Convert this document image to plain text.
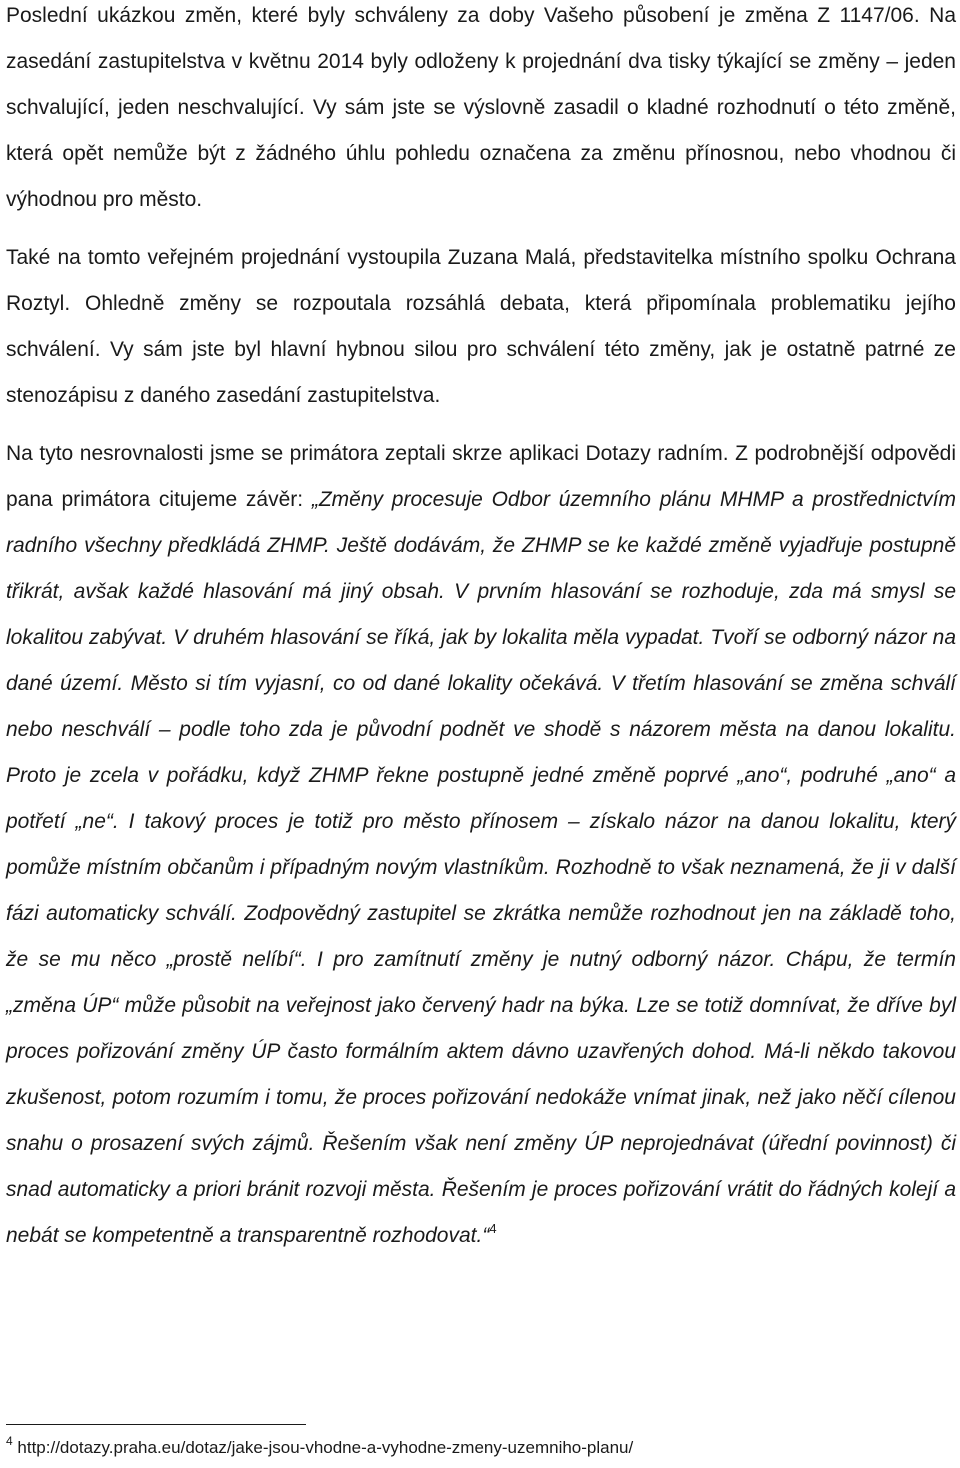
Poslední ukázkou změn, které byly schváleny za doby Vašeho působení je změna Z 1147/06. Na zasedání zastupitelstva v květnu 2014 byly odloženy k projednání dva tisky týkající se změny – jeden schvalující, jeden neschvalující. Vy sám jste se výslovně zasadil o kladné rozhodnutí o této změně, která opět nemůže být z žádného úhlu pohledu označena za změnu přínosnou, nebo vhodnou či výhodnou pro město.

Také na tomto veřejném projednání vystoupila Zuzana Malá, představitelka místního spolku Ochrana Roztyl. Ohledně změny se rozpoutala rozsáhlá debata, která připomínala problematiku jejího schválení. Vy sám jste byl hlavní hybnou silou pro schválení této změny, jak je ostatně patrné ze stenozápisu z daného zasedání zastupitelstva.

Na tyto nesrovnalosti jsme se primátora zeptali skrze aplikaci Dotazy radním. Z podrobnější odpovědi pana primátora citujeme závěr: „Změny procesuje Odbor územního plánu MHMP a prostřednictvím radního všechny předkládá ZHMP. Ještě dodávám, že ZHMP se ke každé změně vyjadřuje postupně třikrát, avšak každé hlasování má jiný obsah. V prvním hlasování se rozhoduje, zda má smysl se lokalitou zabývat. V druhém hlasování se říká, jak by lokalita měla vypadat. Tvoří se odborný názor na dané území. Město si tím vyjasní, co od dané lokality očekává. V třetím hlasování se změna schválí nebo neschválí – podle toho zda je původní podnět ve shodě s názorem města na danou lokalitu. Proto je zcela v pořádku, když ZHMP řekne postupně jedné změně poprvé „ano“, podruhé „ano“ a potřetí „ne“. I takový proces je totiž pro město přínosem – získalo názor na danou lokalitu, který pomůže místním občanům i případným novým vlastníkům. Rozhodně to však neznamená, že ji v další fázi automaticky schválí. Zodpovědný zastupitel se zkrátka nemůže rozhodnout jen na základě toho, že se mu něco „prostě nelíbí“. I pro zamítnutí změny je nutný odborný názor. Chápu, že termín „změna ÚP“ může působit na veřejnost jako červený hadr na býka. Lze se totiž domnívat, že dříve byl proces pořizování změny ÚP často formálním aktem dávno uzavřených dohod. Má-li někdo takovou zkušenost, potom rozumím i tomu, že proces pořizování nedokáže vnímat jinak, než jako něčí cílenou snahu o prosazení svých zájmů. Řešením však není změny ÚP neprojednávat (úřední povinnost) či snad automaticky a priori bránit rozvoji města. Řešením je proces pořizování vrátit do řádných kolejí a nebát se kompetentně a transparentně rozhodovat.“$^4$

$^4$ http://dotazy.praha.eu/dotaz/jake-jsou-vhodne-a-vyhodne-zmeny-uzemniho-planu/
